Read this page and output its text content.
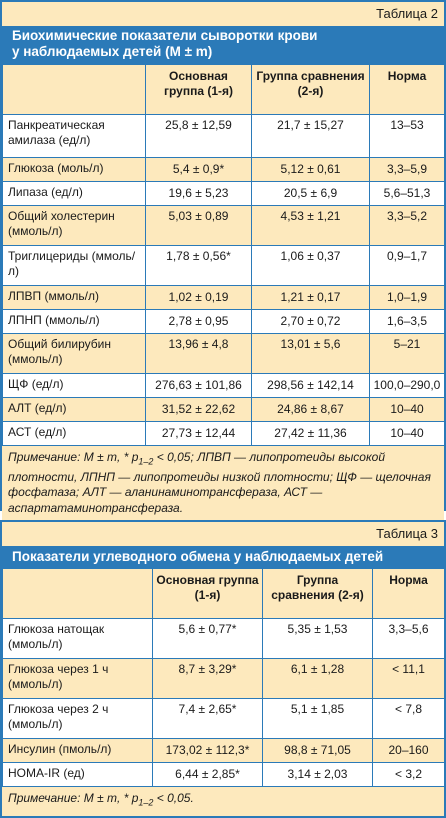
Таблица 2
Биохимические показатели сыворотки крови
у наблюдаемых детей (M ± m)
	Основная группа (1-я)	Группа сравнения (2-я)	Норма
Панкреатическая амилаза (ед/л)	25,8 ± 12,59	21,7 ± 15,27	13–53
Глюкоза (моль/л)	5,4 ± 0,9*	5,12 ± 0,61	3,3–5,9
Липаза (ед/л)	19,6 ± 5,23	20,5 ± 6,9	5,6–51,3
Общий холестерин (ммоль/л)	5,03 ± 0,89	4,53 ± 1,21	3,3–5,2
Триглицериды (ммоль/л)	1,78 ± 0,56*	1,06 ± 0,37	0,9–1,7
ЛПВП (ммоль/л)	1,02 ± 0,19	1,21 ± 0,17	1,0–1,9
ЛПНП (ммоль/л)	2,78 ± 0,95	2,70 ± 0,72	1,6–3,5
Общий билирубин (ммоль/л)	13,96 ± 4,8	13,01 ± 5,6	5–21
ЩФ (ед/л)	276,63 ± 101,86	298,56 ± 142,14	100,0–290,0
АЛТ (ед/л)	31,52 ± 22,62	24,86 ± 8,67	10–40
АСТ (ед/л)	27,73 ± 12,44	27,42 ± 11,36	10–40
Примечание: M ± m, * $p_{1-2} < 0,05$; ЛПВП — липопротеиды высокой плотности, ЛПНП — липопротеиды низкой плотности; ЩФ — щелочная фосфатаза; АЛТ — аланинаминотрансфераза, АСТ — аспартатаминотрансфераза.
Таблица 3
Показатели углеводного обмена у наблюдаемых детей
	Основная группа (1-я)	Группа сравнения (2-я)	Норма
Глюкоза натощак (ммоль/л)	5,6 ± 0,77*	5,35 ± 1,53	3,3–5,6
Глюкоза через 1 ч (ммоль/л)	8,7 ± 3,29*	6,1 ± 1,28	< 11,1
Глюкоза через 2 ч (ммоль/л)	7,4 ± 2,65*	5,1 ± 1,85	< 7,8
Инсулин (пмоль/л)	173,02 ± 112,3*	98,8 ± 71,05	20–160
HOMA-IR (ед)	6,44 ± 2,85*	3,14 ± 2,03	< 3,2
Примечание: M ± m, * $p_{1-2} < 0,05$.
